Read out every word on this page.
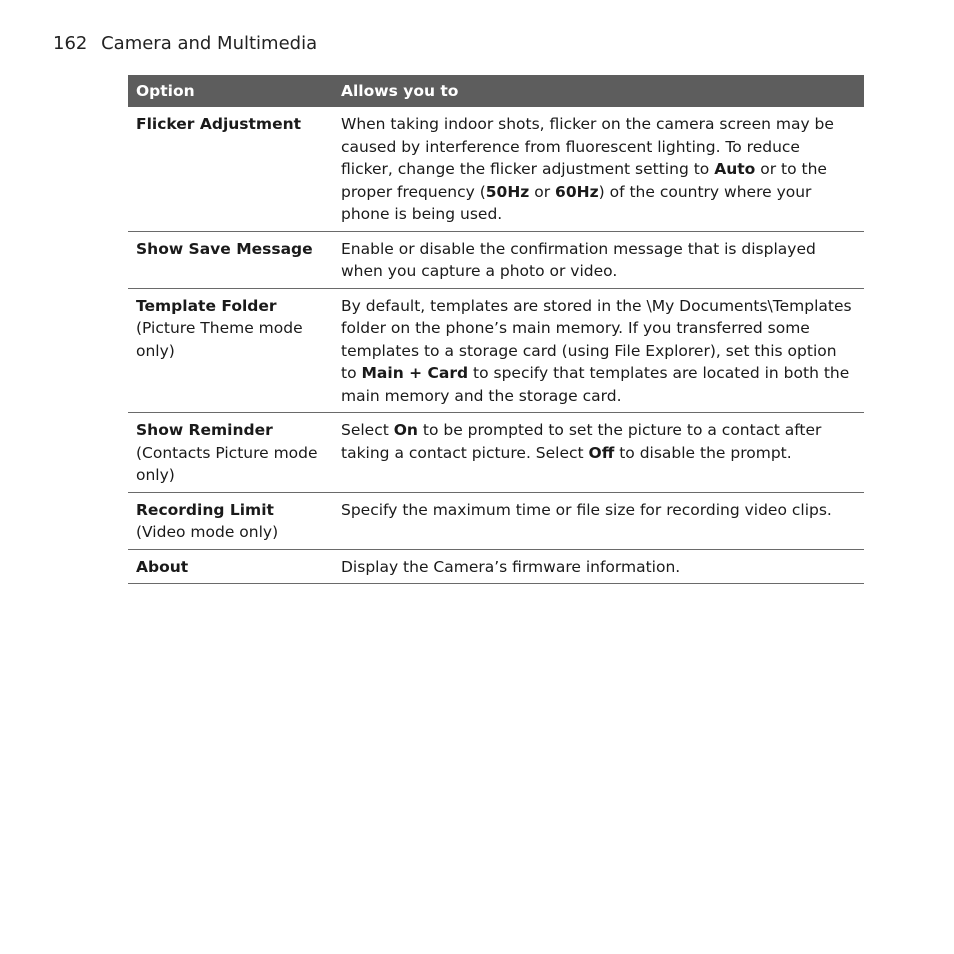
162 Camera and Multimedia
Option	Allows you to

Flicker Adjustment	When taking indoor shots, flicker on the camera screen may be caused by interference from fluorescent lighting. To reduce flicker, change the flicker adjustment setting to Auto or to the proper frequency (50Hz or 60Hz) of the country where your phone is being used.

Show Save Message	Enable or disable the confirmation message that is displayed when you capture a photo or video.

Template Folder
(Picture Theme mode only)	By default, templates are stored in the \My Documents\Templates folder on the phone’s main memory. If you transferred some templates to a storage card (using File Explorer), set this option to Main + Card to specify that templates are located in both the main memory and the storage card.

Show Reminder
(Contacts Picture mode only)	Select On to be prompted to set the picture to a contact after taking a contact picture. Select Off to disable the prompt.

Recording Limit
(Video mode only)	Specify the maximum time or file size for recording video clips.

About	Display the Camera’s firmware information.
